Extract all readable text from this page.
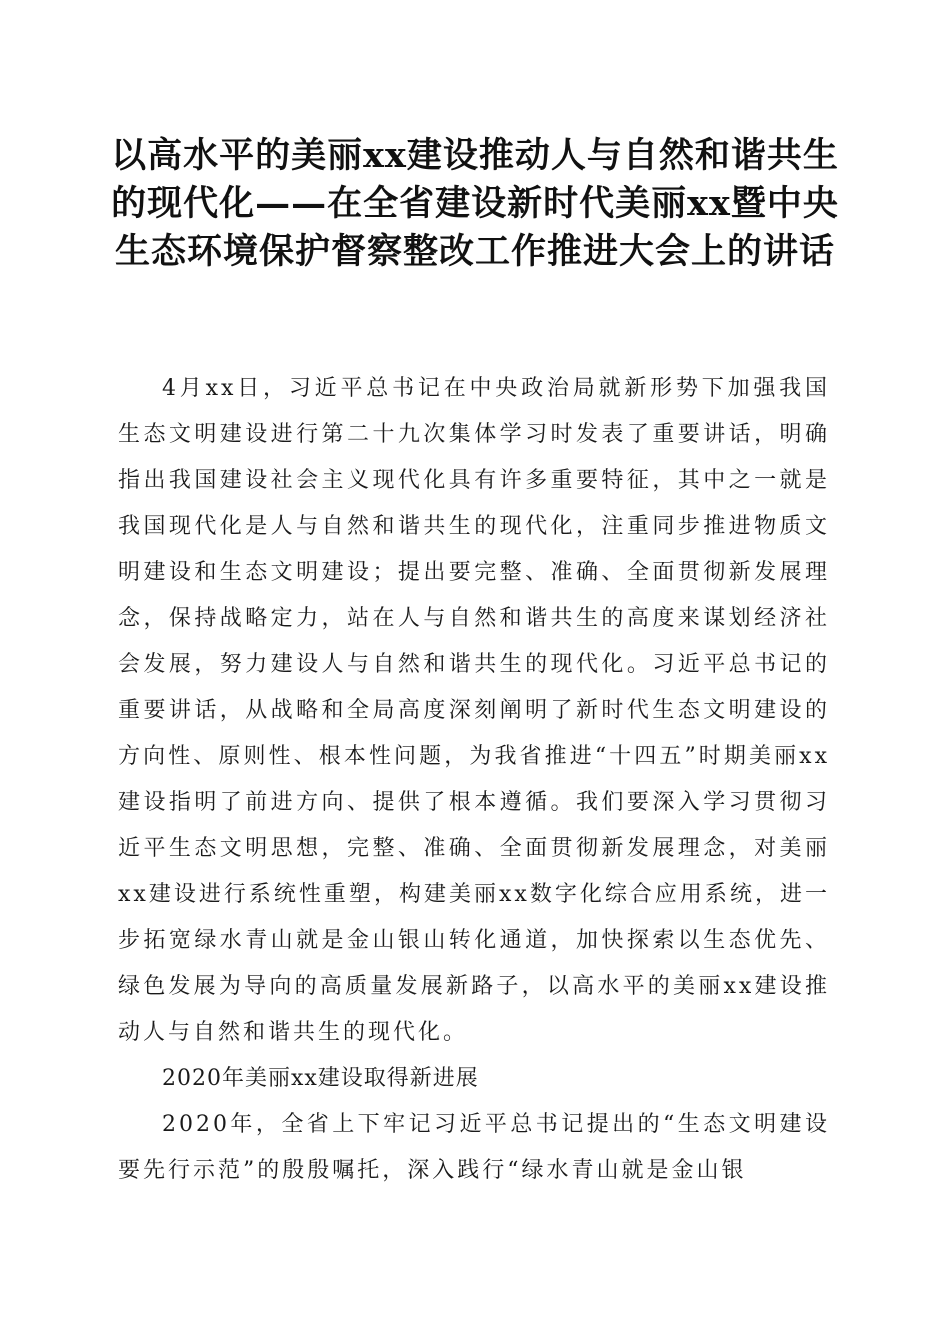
以高水平的美丽xx建设推动人与自然和谐共生的现代化——在全省建设新时代美丽xx暨中央生态环境保护督察整改工作推进大会上的讲话

4月xx日，习近平总书记在中央政治局就新形势下加强我国生态文明建设进行第二十九次集体学习时发表了重要讲话，明确指出我国建设社会主义现代化具有许多重要特征，其中之一就是我国现代化是人与自然和谐共生的现代化，注重同步推进物质文明建设和生态文明建设；提出要完整、准确、全面贯彻新发展理念，保持战略定力，站在人与自然和谐共生的高度来谋划经济社会发展，努力建设人与自然和谐共生的现代化。习近平总书记的重要讲话，从战略和全局高度深刻阐明了新时代生态文明建设的方向性、原则性、根本性问题，为我省推进“十四五”时期美丽xx建设指明了前进方向、提供了根本遵循。我们要深入学习贯彻习近平生态文明思想，完整、准确、全面贯彻新发展理念，对美丽xx建设进行系统性重塑，构建美丽xx数字化综合应用系统，进一步拓宽绿水青山就是金山银山转化通道，加快探索以生态优先、绿色发展为导向的高质量发展新路子，以高水平的美丽xx建设推动人与自然和谐共生的现代化。

2020年美丽xx建设取得新进展

2020年，全省上下牢记习近平总书记提出的“生态文明建设要先行示范”的殷殷嘱托，深入践行“绿水青山就是金山银
